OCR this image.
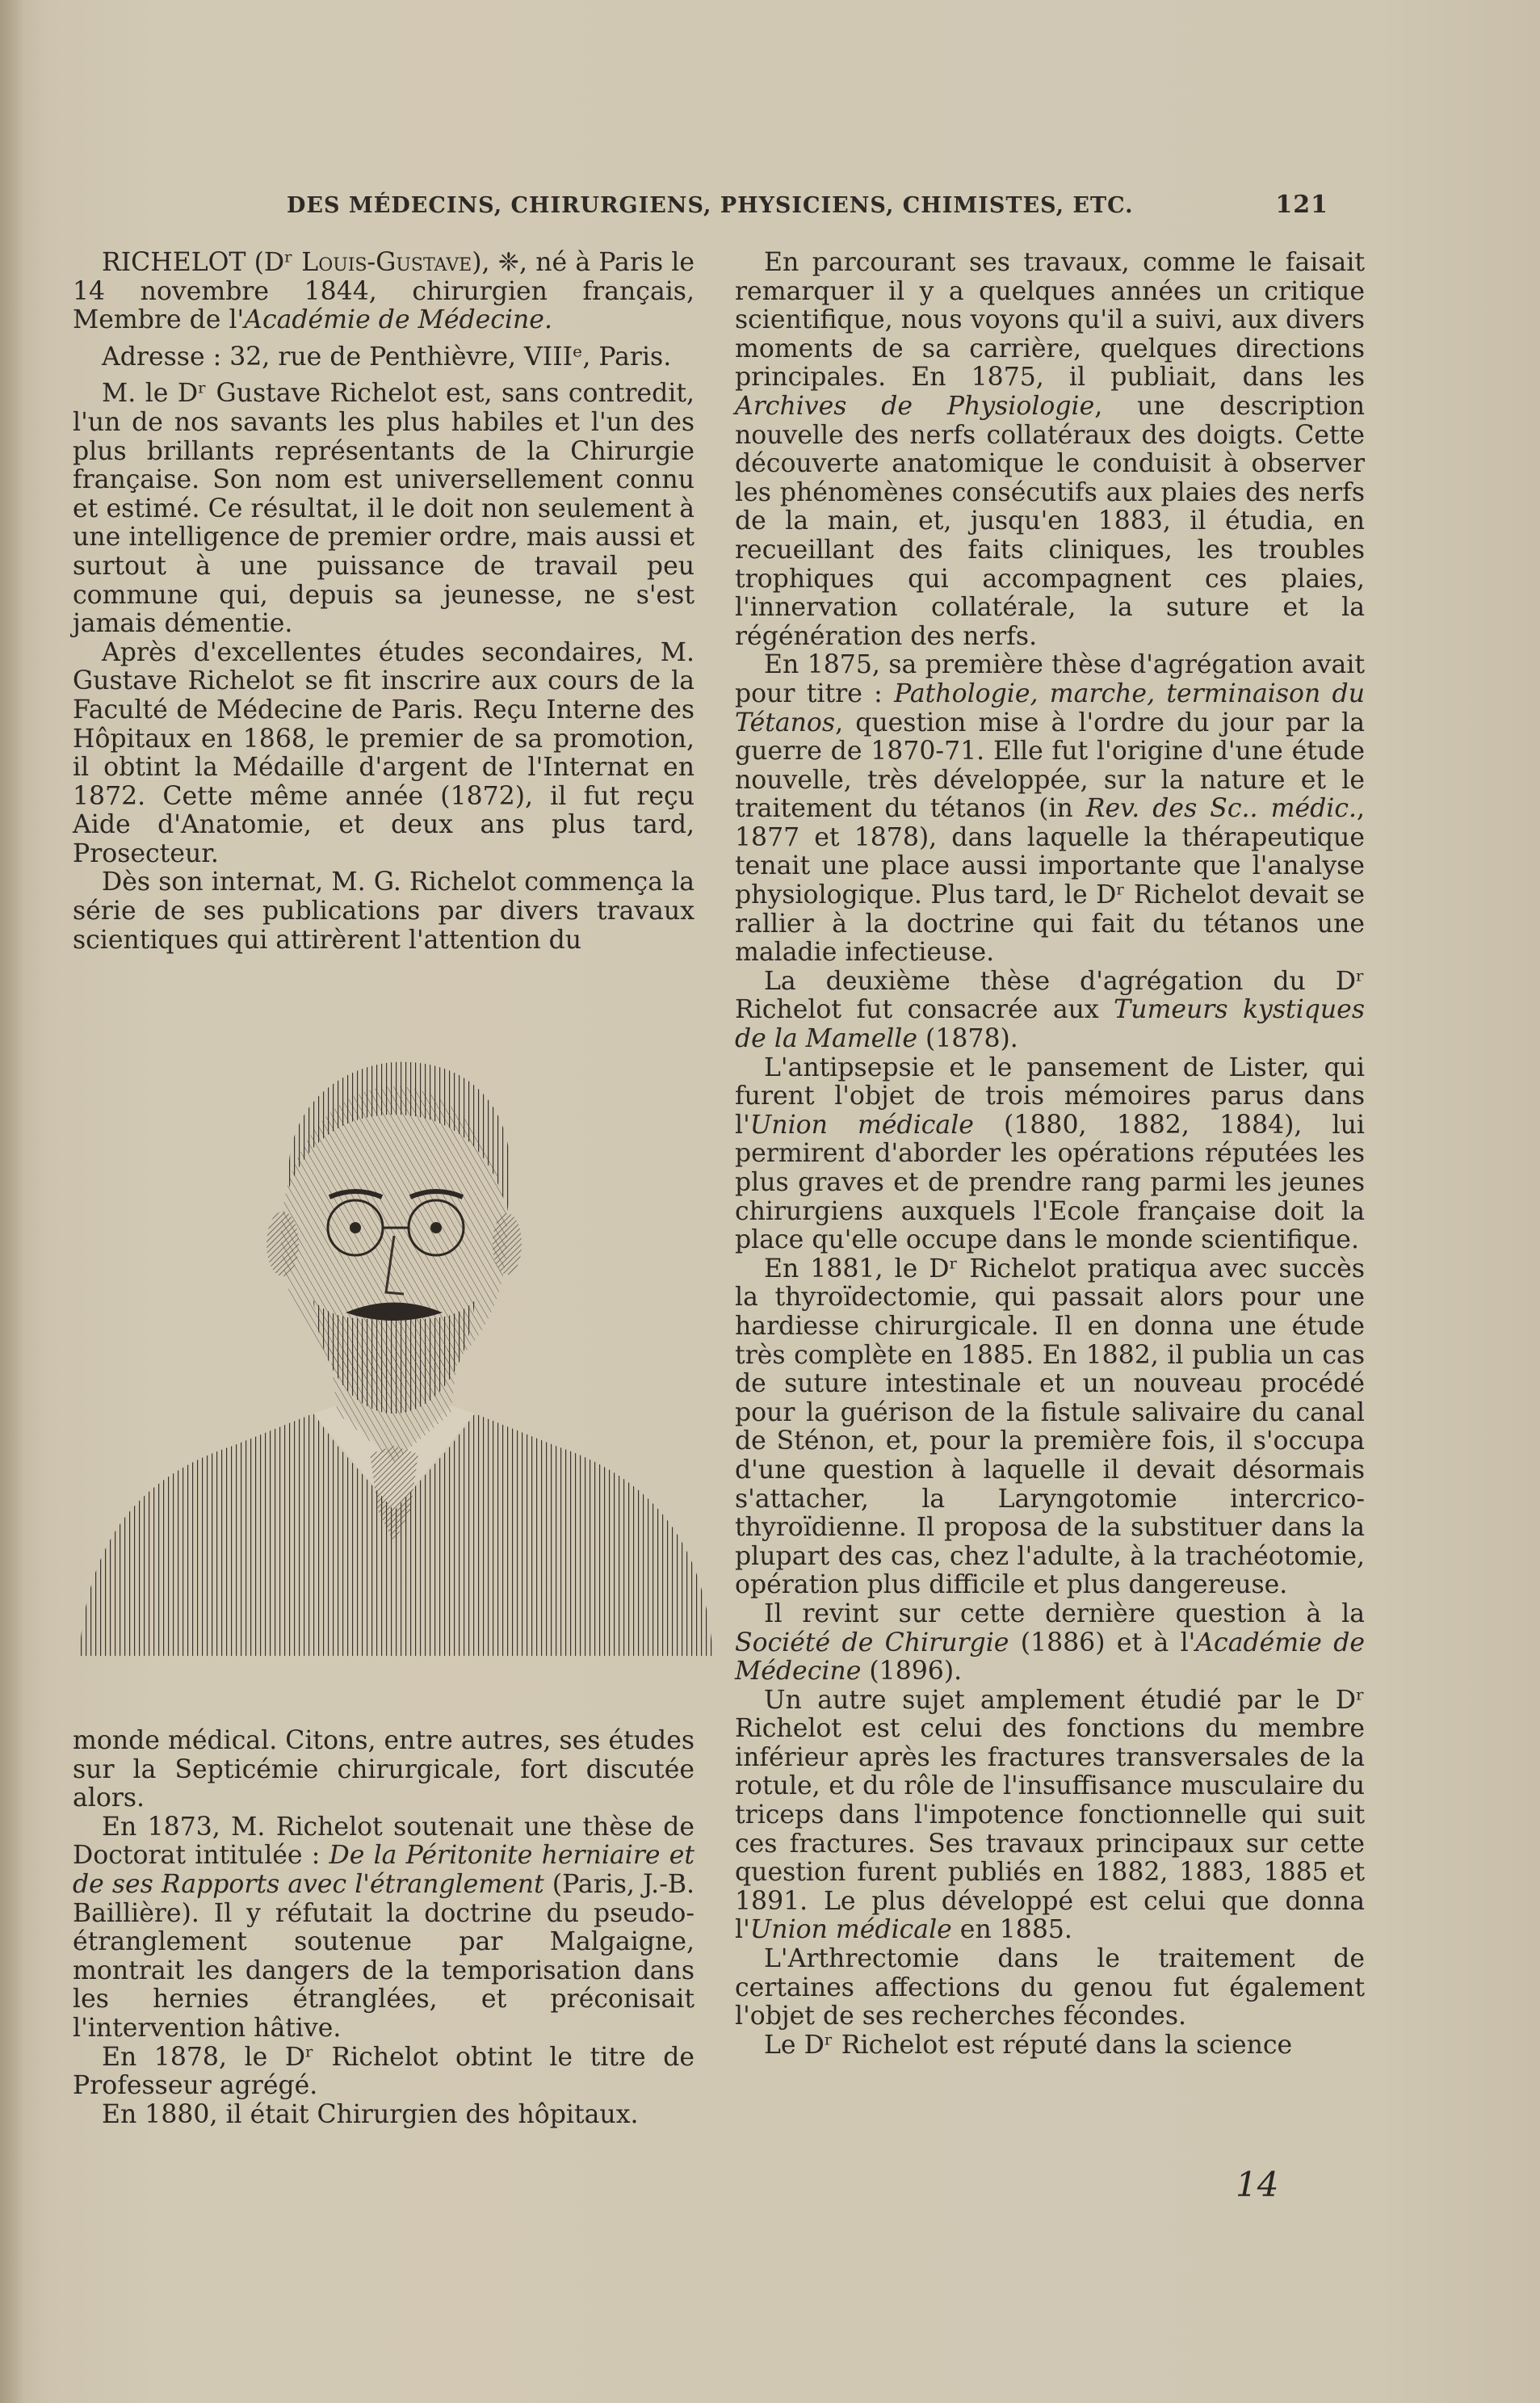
DES MÉDECINS, CHIRURGIENS, PHYSICIENS, CHIMISTES, ETC.	121

RICHELOT (Dʳ Louis-Gustave), ❈, né à Paris le 14 novembre 1844, chirurgien français, Membre de l'Académie de Médecine.

Adresse : 32, rue de Penthièvre, VIIIᵉ, Paris.

M. le Dʳ Gustave Richelot est, sans contredit, l'un de nos savants les plus habiles et l'un des plus brillants représentants de la Chirurgie française. Son nom est universellement connu et estimé. Ce résultat, il le doit non seulement à une intelligence de premier ordre, mais aussi et surtout à une puissance de travail peu commune qui, depuis sa jeunesse, ne s'est jamais démentie.

Après d'excellentes études secondaires, M. Gustave Richelot se fit inscrire aux cours de la Faculté de Médecine de Paris. Reçu Interne des Hôpitaux en 1868, le premier de sa promotion, il obtint la Médaille d'argent de l'Internat en 1872. Cette même année (1872), il fut reçu Aide d'Anatomie, et deux ans plus tard, Prosecteur.

Dès son internat, M. G. Richelot commença la série de ses publications par divers travaux scientiques qui attirèrent l'attention du

monde médical. Citons, entre autres, ses études sur la Septicémie chirurgicale, fort discutée alors.

En 1873, M. Richelot soutenait une thèse de Doctorat intitulée : De la Péritonite herniaire et de ses Rapports avec l'étranglement (Paris, J.-B. Baillière). Il y réfutait la doctrine du pseudo-étranglement soutenue par Malgaigne, montrait les dangers de la temporisation dans les hernies étranglées, et préconisait l'intervention hâtive.

En 1878, le Dʳ Richelot obtint le titre de Professeur agrégé.

En 1880, il était Chirurgien des hôpitaux.

En parcourant ses travaux, comme le faisait remarquer il y a quelques années un critique scientifique, nous voyons qu'il a suivi, aux divers moments de sa carrière, quelques directions principales. En 1875, il publiait, dans les Archives de Physiologie, une description nouvelle des nerfs collatéraux des doigts. Cette découverte anatomique le conduisit à observer les phénomènes consécutifs aux plaies des nerfs de la main, et, jusqu'en 1883, il étudia, en recueillant des faits cliniques, les troubles trophiques qui accompagnent ces plaies, l'innervation collatérale, la suture et la régénération des nerfs.

En 1875, sa première thèse d'agrégation avait pour titre : Pathologie, marche, terminaison du Tétanos, question mise à l'ordre du jour par la guerre de 1870-71. Elle fut l'origine d'une étude nouvelle, très développée, sur la nature et le traitement du tétanos (in Rev. des Sc.. médic., 1877 et 1878), dans laquelle la thérapeutique tenait une place aussi importante que l'analyse physiologique. Plus tard, le Dʳ Richelot devait se rallier à la doctrine qui fait du tétanos une maladie infectieuse.

La deuxième thèse d'agrégation du Dʳ Richelot fut consacrée aux Tumeurs kystiques de la Mamelle (1878).

L'antipsepsie et le pansement de Lister, qui furent l'objet de trois mémoires parus dans l'Union médicale (1880, 1882, 1884), lui permirent d'aborder les opérations réputées les plus graves et de prendre rang parmi les jeunes chirurgiens auxquels l'Ecole française doit la place qu'elle occupe dans le monde scientifique.

En 1881, le Dʳ Richelot pratiqua avec succès la thyroïdectomie, qui passait alors pour une hardiesse chirurgicale. Il en donna une étude très complète en 1885. En 1882, il publia un cas de suture intestinale et un nouveau procédé pour la guérison de la fistule salivaire du canal de Sténon, et, pour la première fois, il s'occupa d'une question à laquelle il devait désormais s'attacher, la Laryngotomie intercrico-thyroïdienne. Il proposa de la substituer dans la plupart des cas, chez l'adulte, à la trachéotomie, opération plus difficile et plus dangereuse.

Il revint sur cette dernière question à la Société de Chirurgie (1886) et à l'Académie de Médecine (1896).

Un autre sujet amplement étudié par le Dʳ Richelot est celui des fonctions du membre inférieur après les fractures transversales de la rotule, et du rôle de l'insuffisance musculaire du triceps dans l'impotence fonctionnelle qui suit ces fractures. Ses travaux principaux sur cette question furent publiés en 1882, 1883, 1885 et 1891. Le plus développé est celui que donna l'Union médicale en 1885.

L'Arthrectomie dans le traitement de certaines affections du genou fut également l'objet de ses recherches fécondes.

Le Dʳ Richelot est réputé dans la science

14
